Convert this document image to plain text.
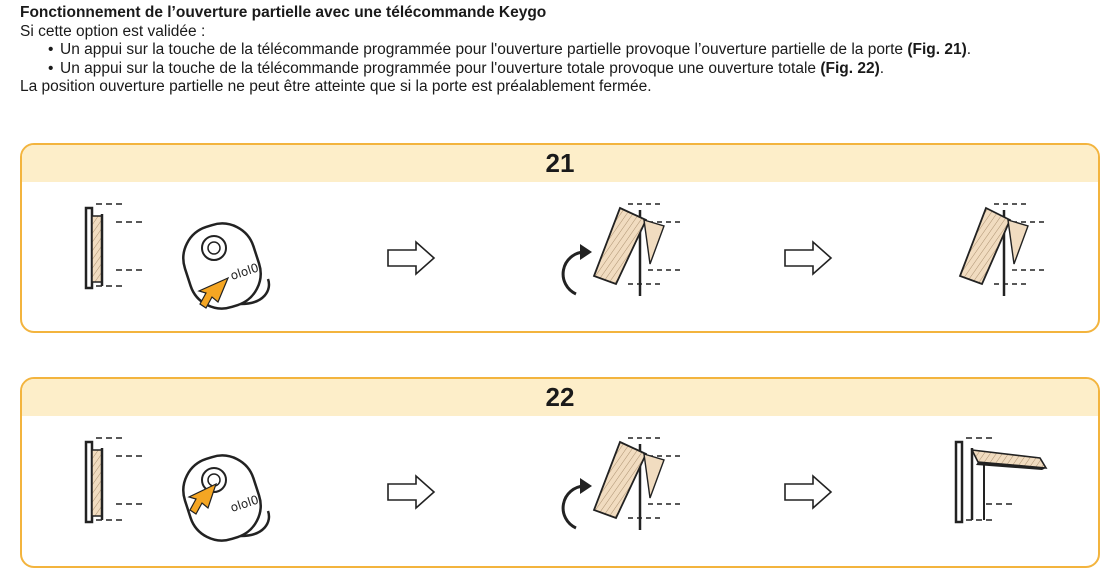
Fonctionnement de l’ouverture partielle avec une télécommande Keygo

Si cette option est validée :

• Un appui sur la touche de la télécommande programmée pour l'ouverture partielle provoque l’ouverture partielle de la porte (Fig. 21).
• Un appui sur la touche de la télécommande programmée pour l'ouverture totale provoque une ouverture totale (Fig. 22).

La position ouverture partielle ne peut être atteinte que si la porte est préalablement fermée.

21
olol0
22
olol0
